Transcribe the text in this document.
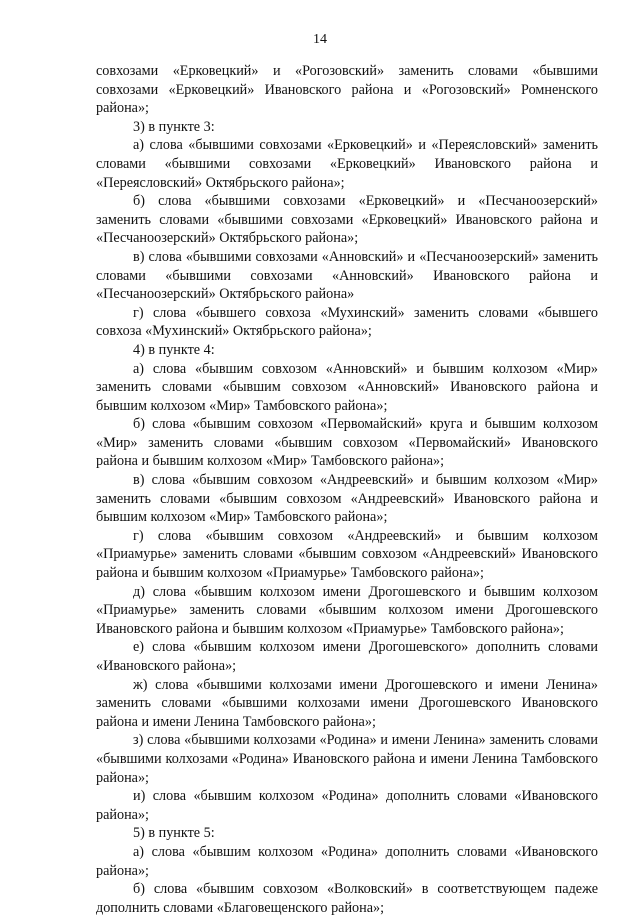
14

совхозами «Ерковецкий» и «Рогозовский» заменить словами «бывшими совхозами «Ерковецкий» Ивановского района и «Рогозовский» Ромненского района»;

3) в пункте 3:

а) слова «бывшими совхозами «Ерковецкий» и «Переясловский» заменить словами «бывшими совхозами «Ерковецкий» Ивановского района и «Переясловский» Октябрьского района»;

б) слова «бывшими совхозами «Ерковецкий» и «Песчаноозерский» заменить словами «бывшими совхозами «Ерковецкий» Ивановского района и «Песчаноозерский» Октябрьского района»;

в) слова «бывшими совхозами «Анновский» и «Песчаноозерский» заменить словами «бывшими совхозами «Анновский» Ивановского района и «Песчаноозерский» Октябрьского района»

г) слова «бывшего совхоза «Мухинский» заменить словами «бывшего совхоза «Мухинский» Октябрьского района»;

4) в пункте 4:

а) слова «бывшим совхозом «Анновский» и бывшим колхозом «Мир» заменить словами «бывшим совхозом «Анновский» Ивановского района и бывшим колхозом «Мир» Тамбовского района»;

б) слова «бывшим совхозом «Первомайский» круга и бывшим колхозом «Мир» заменить словами «бывшим совхозом «Первомайский» Ивановского района и бывшим колхозом «Мир» Тамбовского района»;

в) слова «бывшим совхозом «Андреевский» и бывшим колхозом «Мир» заменить словами «бывшим совхозом «Андреевский» Ивановского района и бывшим колхозом «Мир» Тамбовского района»;

г) слова «бывшим совхозом «Андреевский» и бывшим колхозом «Приамурье» заменить словами «бывшим совхозом «Андреевский» Ивановского района и бывшим колхозом «Приамурье» Тамбовского района»;

д) слова «бывшим колхозом имени Дрогошевского и бывшим колхозом «Приамурье» заменить словами «бывшим колхозом имени Дрогошевского Ивановского района и бывшим колхозом «Приамурье» Тамбовского района»;

е) слова «бывшим колхозом имени Дрогошевского» дополнить словами «Ивановского района»;

ж) слова «бывшими колхозами имени Дрогошевского и имени Ленина» заменить словами «бывшими колхозами имени Дрогошевского Ивановского района и имени Ленина Тамбовского района»;

з) слова «бывшими колхозами «Родина» и имени Ленина» заменить словами «бывшими колхозами «Родина» Ивановского района и имени Ленина Тамбовского района»;

и) слова «бывшим колхозом «Родина» дополнить словами «Ивановского района»;

5) в пункте 5:

а) слова «бывшим колхозом «Родина» дополнить словами «Ивановского района»;

б) слова «бывшим совхозом «Волковский» в соответствующем падеже дополнить словами «Благовещенского района»;
